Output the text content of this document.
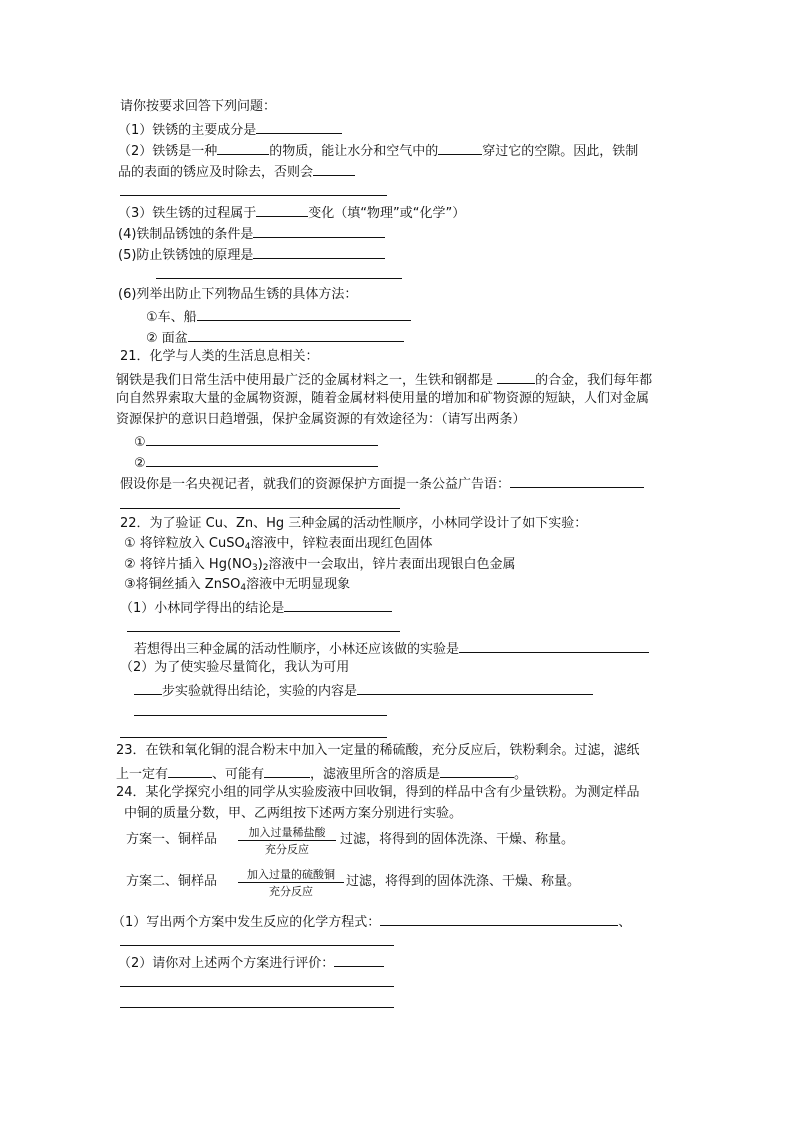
请你按要求回答下列问题：
（1）铁锈的主要成分是
（2）铁锈是一种	的物质，能让水分和空气中的	穿过它的空隙。因此，铁制
品的表面的锈应及时除去，否则会
（3）铁生锈的过程属于	变化（填“物理”或“化学”）
(4)铁制品锈蚀的条件是
(5)防止铁锈蚀的原理是
(6)列举出防止下列物品生锈的具体方法：
①车、船
② 面盆
21．化学与人类的生活息息相关：
钢铁是我们日常生活中使用最广泛的金属材料之一，生铁和钢都是	的合金，我们每年都
向自然界索取大量的金属物资源，随着金属材料使用量的增加和矿物资源的短缺，人们对金属
资源保护的意识日趋增强，保护金属资源的有效途径为：（请写出两条）
①
②
假设你是一名央视记者，就我们的资源保护方面提一条公益广告语：
22．为了验证 Cu、Zn、Hg 三种金属的活动性顺序，小林同学设计了如下实验：
① 将锌粒放入 CuSO$_4$溶液中，锌粒表面出现红色固体
② 将锌片插入 $Hg(NO_3)_2$溶液中一会取出，锌片表面出现银白色金属
③将铜丝插入 ZnSO$_4$溶液中无明显现象
（1）小林同学得出的结论是
若想得出三种金属的活动性顺序，小林还应该做的实验是
（2）为了使实验尽量简化，我认为可用
步实验就得出结论，实验的内容是
23．在铁和氧化铜的混合粉末中加入一定量的稀硫酸，充分反应后，铁粉剩余。过滤，滤纸
上一定有	、可能有	，滤液里所含的溶质是	。
24．某化学探究小组的同学从实验废液中回收铜，得到的样品中含有少量铁粉。为测定样品
中铜的质量分数，甲、乙两组按下述两方案分别进行实验。
方案一、铜样品	加入过量稀盐酸
充分反应
过滤，将得到的固体洗涤、干燥、称量。
方案二、铜样品	加入过量的硫酸铜
充分反应
过滤，将得到的固体洗涤、干燥、称量。
（1）写出两个方案中发生反应的化学方程式：	、
（2）请你对上述两个方案进行评价：
